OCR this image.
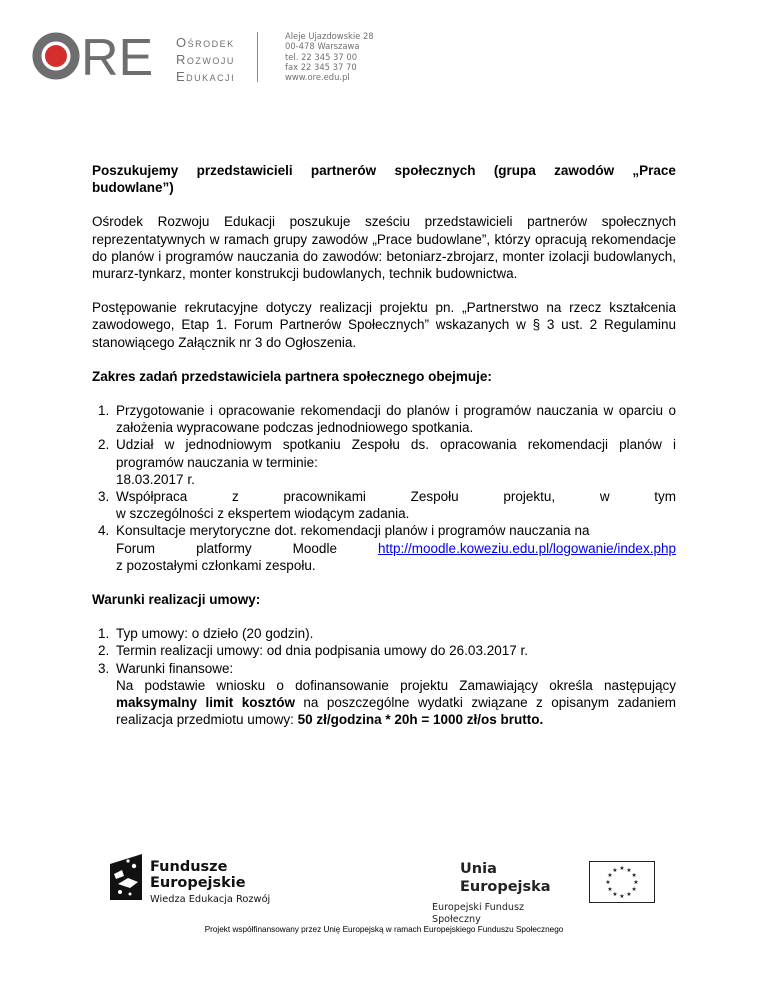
RE Ośrodek
Rozwoju
Edukacji
Aleje Ujazdowskie 28
00-478 Warszawa
tel. 22 345 37 00
fax 22 345 37 70
www.ore.edu.pl
Poszukujemy przedstawicieli partnerów społecznych (grupa zawodów „Prace
budowlane”)

Ośrodek Rozwoju Edukacji poszukuje sześciu przedstawicieli partnerów społecznych reprezentatywnych w ramach grupy zawodów „Prace budowlane”, którzy opracują rekomendacje do planów i programów nauczania do zawodów: betoniarz-zbrojarz, monter izolacji budowlanych, murarz-tynkarz, monter konstrukcji budowlanych, technik budownictwa.

Postępowanie rekrutacyjne dotyczy realizacji projektu pn. „Partnerstwo na rzecz kształcenia zawodowego, Etap 1. Forum Partnerów Społecznych” wskazanych w § 3 ust. 2 Regulaminu stanowiącego Załącznik nr 3 do Ogłoszenia.

Zakres zadań przedstawiciela partnera społecznego obejmuje:
1. Przygotowanie i opracowanie rekomendacji do planów i programów nauczania w oparciu o założenia wypracowane podczas jednodniowego spotkania.

2. Udział w jednodniowym spotkaniu Zespołu ds. opracowania rekomendacji planów i programów nauczania w terminie:

18.03.2017 r.
3. Współpraca	z	pracownikami	Zespołu	projektu,	w	tym
w szczególności z ekspertem wiodącym zadania.
4. Konsultacje merytoryczne dot. rekomendacji planów i programów nauczania na
Forum	platformy	Moodle	http://moodle.koweziu.edu.pl/logowanie/index.php
z pozostałymi członkami zespołu.
Warunki realizacji umowy:
1. Typ umowy: o dzieło (20 godzin).
2. Termin realizacji umowy: od dnia podpisania umowy do 26.03.2017 r.
3. Warunki finansowe:

Na podstawie wniosku o dofinansowanie projektu Zamawiający określa następujący maksymalny limit kosztów na poszczególne wydatki związane z opisanym zadaniem realizacja przedmiotu umowy: 50 zł/godzina * 20h = 1000 zł/os brutto.

Fundusze
Europejskie
Wiedza Edukacja Rozwój
Unia Europejska
Europejski Fundusz Społeczny
★
★
★
★
★
★
★
★
★ ★ ★
★
Projekt współfinansowany przez Unię Europejską w ramach Europejskiego Funduszu Społecznego
